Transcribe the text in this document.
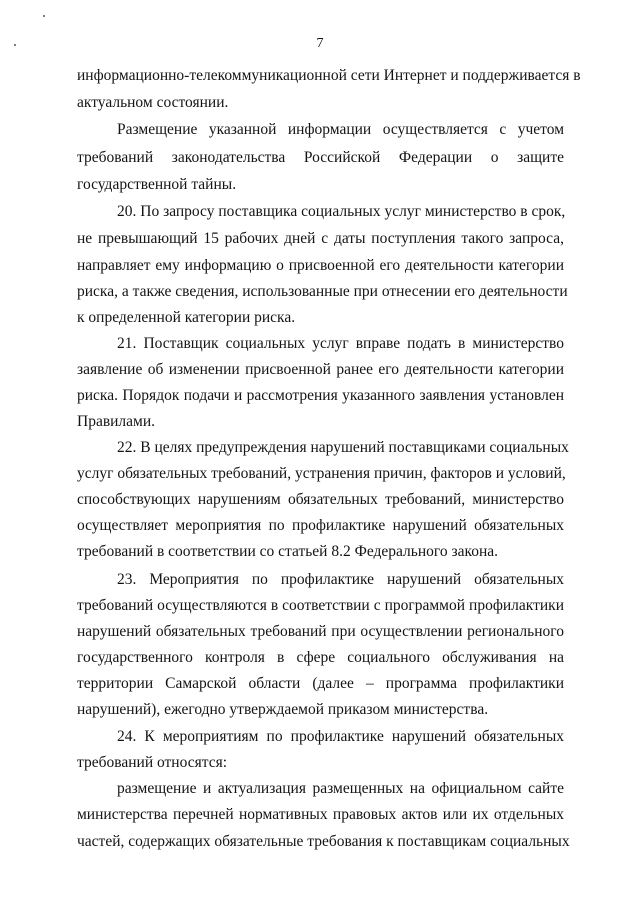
7
информационно-телекоммуникационной сети Интернет и поддерживается в
актуальном состоянии.
Размещение указанной информации осуществляется с учетом
требований законодательства Российской Федерации о защите
государственной тайны.
20. По запросу поставщика социальных услуг министерство в срок,
не превышающий 15 рабочих дней с даты поступления такого запроса,
направляет ему информацию о присвоенной его деятельности категории
риска, а также сведения, использованные при отнесении его деятельности
к определенной категории риска.
21. Поставщик социальных услуг вправе подать в министерство
заявление об изменении присвоенной ранее его деятельности категории
риска. Порядок подачи и рассмотрения указанного заявления установлен
Правилами.
22. В целях предупреждения нарушений поставщиками социальных
услуг обязательных требований, устранения причин, факторов и условий,
способствующих нарушениям обязательных требований, министерство
осуществляет мероприятия по профилактике нарушений обязательных
требований в соответствии со статьей 8.2 Федерального закона.
23. Мероприятия по профилактике нарушений обязательных
требований осуществляются в соответствии с программой профилактики
нарушений обязательных требований при осуществлении регионального
государственного контроля в сфере социального обслуживания на
территории Самарской области (далее – программа профилактики
нарушений), ежегодно утверждаемой приказом министерства.
24. К мероприятиям по профилактике нарушений обязательных
требований относятся:
размещение и актуализация размещенных на официальном сайте
министерства перечней нормативных правовых актов или их отдельных
частей, содержащих обязательные требования к поставщикам социальных
